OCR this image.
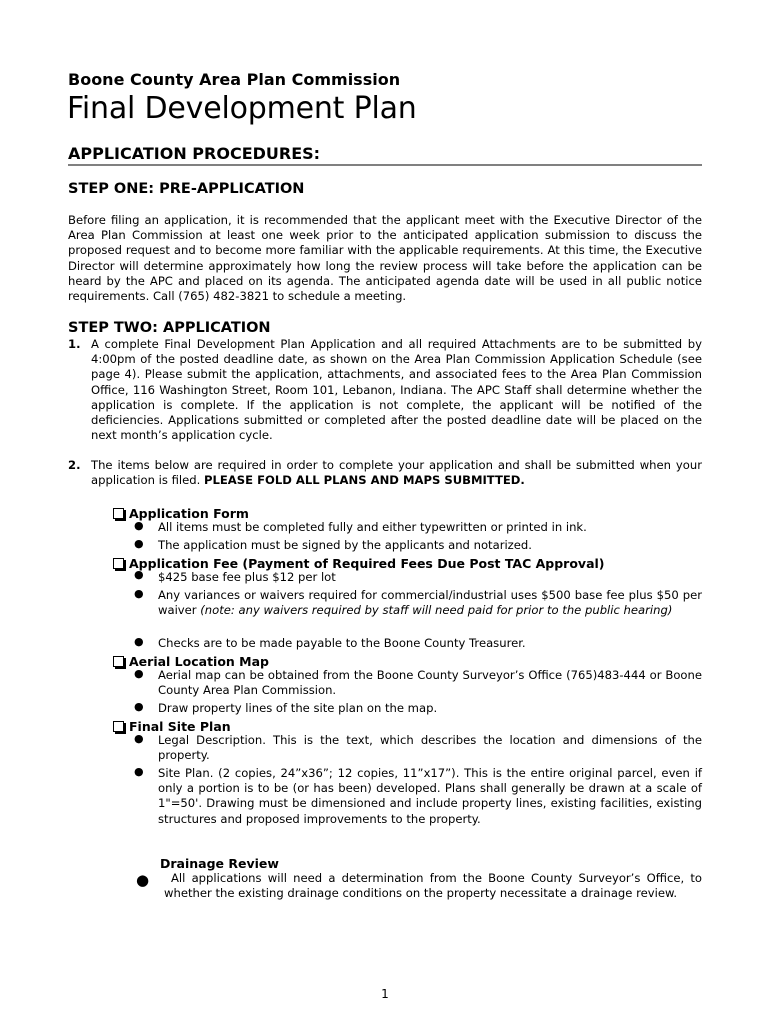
Boone County Area Plan Commission
Final Development Plan
APPLICATION PROCEDURES:
STEP ONE: PRE-APPLICATION
Before filing an application, it is recommended that the applicant meet with the Executive Director of the Area Plan Commission at least one week prior to the anticipated application submission to discuss the proposed request and to become more familiar with the applicable requirements. At this time, the Executive Director will determine approximately how long the review process will take before the application can be heard by the APC and placed on its agenda. The anticipated agenda date will be used in all public notice requirements. Call (765) 482-3821 to schedule a meeting.
STEP TWO: APPLICATION
1. A complete Final Development Plan Application and all required Attachments are to be submitted by 4:00pm of the posted deadline date, as shown on the Area Plan Commission Application Schedule (see page 4). Please submit the application, attachments, and associated fees to the Area Plan Commission Office, 116 Washington Street, Room 101, Lebanon, Indiana. The APC Staff shall determine whether the application is complete. If the application is not complete, the applicant will be notified of the deficiencies. Applications submitted or completed after the posted deadline date will be placed on the next month’s application cycle.
2. The items below are required in order to complete your application and shall be submitted when your application is filed. PLEASE FOLD ALL PLANS AND MAPS SUBMITTED.
Application Form
● All items must be completed fully and either typewritten or printed in ink.
● The application must be signed by the applicants and notarized.
Application Fee (Payment of Required Fees Due Post TAC Approval)
● $425 base fee plus $12 per lot
● Any variances or waivers required for commercial/industrial uses $500 base fee plus $50 per waiver (note: any waivers required by staff will need paid for prior to the public hearing)
● Checks are to be made payable to the Boone County Treasurer.
Aerial Location Map
● Aerial map can be obtained from the Boone County Surveyor’s Office (765)483-444 or Boone County Area Plan Commission.
● Draw property lines of the site plan on the map.
Final Site Plan
● Legal Description. This is the text, which describes the location and dimensions of the property.
● Site Plan. (2 copies, 24”x36”; 12 copies, 11”x17”). This is the entire original parcel, even if only a portion is to be (or has been) developed. Plans shall generally be drawn at a scale of 1"=50'. Drawing must be dimensioned and include property lines, existing facilities, existing structures and proposed improvements to the property.
Drainage Review
●	All applications will need a determination from the Boone County Surveyor’s Office, to whether the existing drainage conditions on the property necessitate a drainage review.
1
